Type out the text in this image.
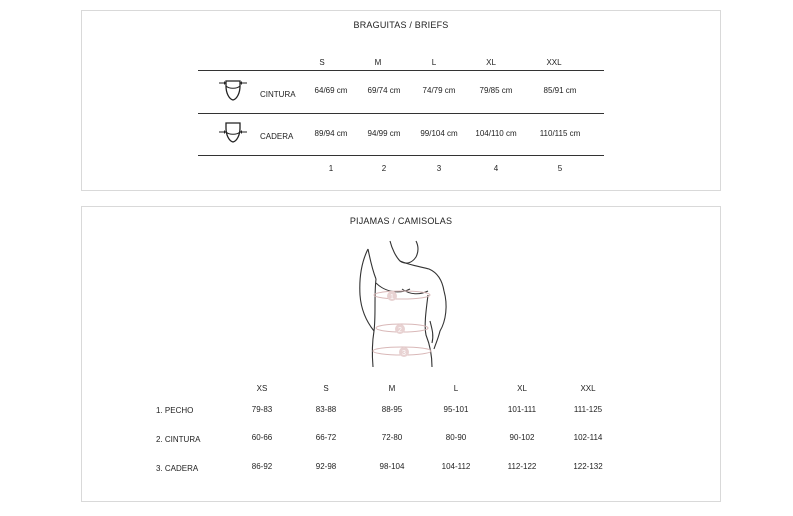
BRAGUITAS / BRIEFS
S	M	L	XL	XXL
CINTURA 64/69 cm	69/74 cm	74/79 cm	79/85 cm	85/91 cm
CADERA	89/94 cm	94/99 cm 99/104 cm 104/110 cm	110/115 cm
1	2	3	4	5
PIJAMAS / CAMISOLAS
1
2
3
XS	S	M	L	XL	XXL
1. PECHO	79-83	83-88	88-95	95-101	101-111	111-125
2. CINTURA	60-66	66-72	72-80	80-90	90-102	102-114
3. CADERA	86-92	92-98	98-104	104-112	112-122	122-132
